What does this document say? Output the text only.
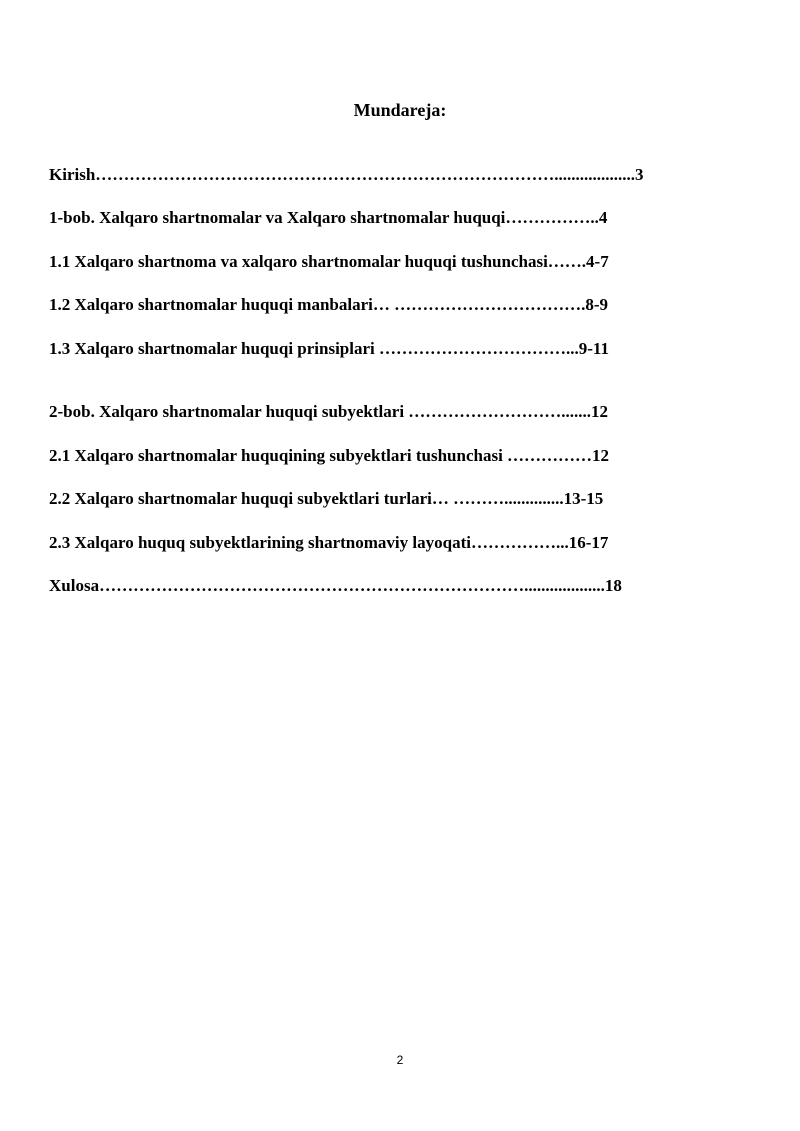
Mundareja:
Kirish………………………………………………………………………...................3
1-bob. Xalqaro shartnomalar va Xalqaro shartnomalar huquqi……………..4
1.1 Xalqaro shartnoma va xalqaro shartnomalar huquqi tushunchasi…….4-7
1.2 Xalqaro shartnomalar huquqi manbalari… …………………………….8-9
1.3 Xalqaro shartnomalar huquqi prinsiplari ……………………………...9-11
2-bob. Xalqaro shartnomalar huquqi subyektlari ……………………….......12
2.1 Xalqaro shartnomalar huquqining subyektlari tushunchasi ……………12
2.2 Xalqaro shartnomalar huquqi subyektlari turlari… ………..............13-15
2.3 Xalqaro huquq subyektlarining shartnomaviy layoqati……………...16-17
Xulosa…………………………………………………………………...................18
2
